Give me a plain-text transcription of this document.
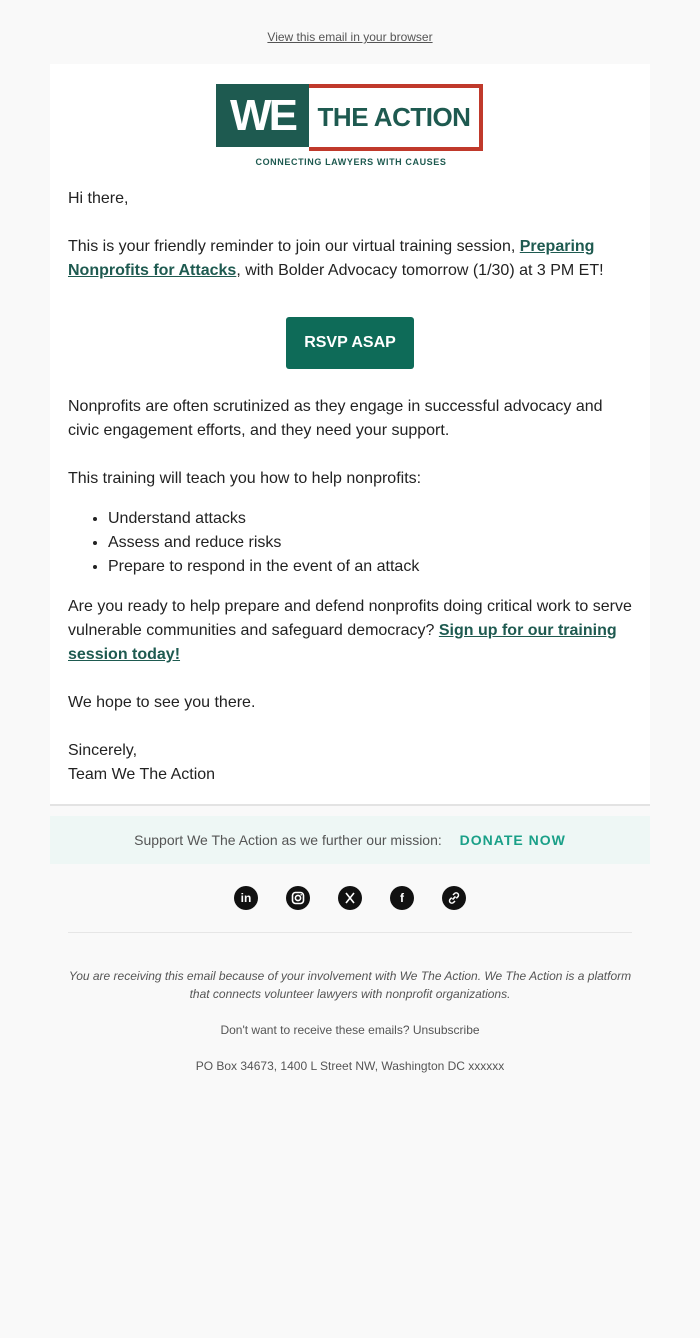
View this email in your browser
WE THE ACTION
CONNECTING LAWYERS WITH CAUSES

Hi there,

This is your friendly reminder to join our virtual training session, Preparing Nonprofits for Attacks, with Bolder Advocacy tomorrow (1/30) at 3 PM ET!

RSVP ASAP

Nonprofits are often scrutinized as they engage in successful advocacy and civic engagement efforts, and they need your support.

This training will teach you how to help nonprofits:

• Understand attacks
• Assess and reduce risks
• Prepare to respond in the event of an attack

Are you ready to help prepare and defend nonprofits doing critical work to serve vulnerable communities and safeguard democracy? Sign up for our training session today!

We hope to see you there.

Sincerely,

Team We The Action

Support We The Action as we further our mission: DONATE NOW
in
	f

You are receiving this email because of your involvement with We The Action. We The Action is a platform that connects volunteer lawyers with nonprofit organizations.

Don't want to receive these emails? Unsubscribe

PO Box 34673, 1400 L Street NW, Washington DC xxxxxx
